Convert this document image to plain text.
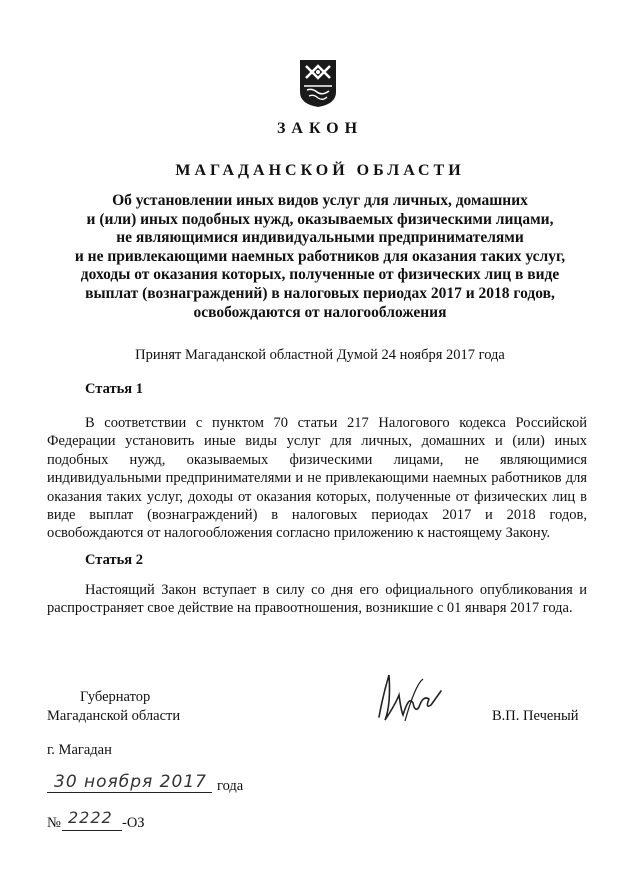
ЗАКОН
МАГАДАНСКОЙ ОБЛАСТИ
Об установлении иных видов услуг для личных, домашних
и (или) иных подобных нужд, оказываемых физическими лицами,
не являющимися индивидуальными предпринимателями
и не привлекающими наемных работников для оказания таких услуг,
доходы от оказания которых, полученные от физических лиц в виде
выплат (вознаграждений) в налоговых периодах 2017 и 2018 годов,
освобождаются от налогообложения
Принят Магаданской областной Думой 24 ноября 2017 года
Статья 1
В соответствии с пунктом 70 статьи 217 Налогового кодекса Российской Федерации установить иные виды услуг для личных, домашних и (или) иных подобных нужд, оказываемых физическими лицами, не являющимися индивидуальными предпринимателями и не привлекающими наемных работников для оказания таких услуг, доходы от оказания которых, полученные от физических лиц в виде выплат (вознаграждений) в налоговых периодах 2017 и 2018 годов, освобождаются от налогообложения согласно приложению к настоящему Закону.
Статья 2
Настоящий Закон вступает в силу со дня его официального опубликования и распространяет свое действие на правоотношения, возникшие с 01 января 2017 года.
Губернатор
Магаданской области	В.П. Печеный
г. Магадан
30 ноября 2017 года
№ 2222 -ОЗ
